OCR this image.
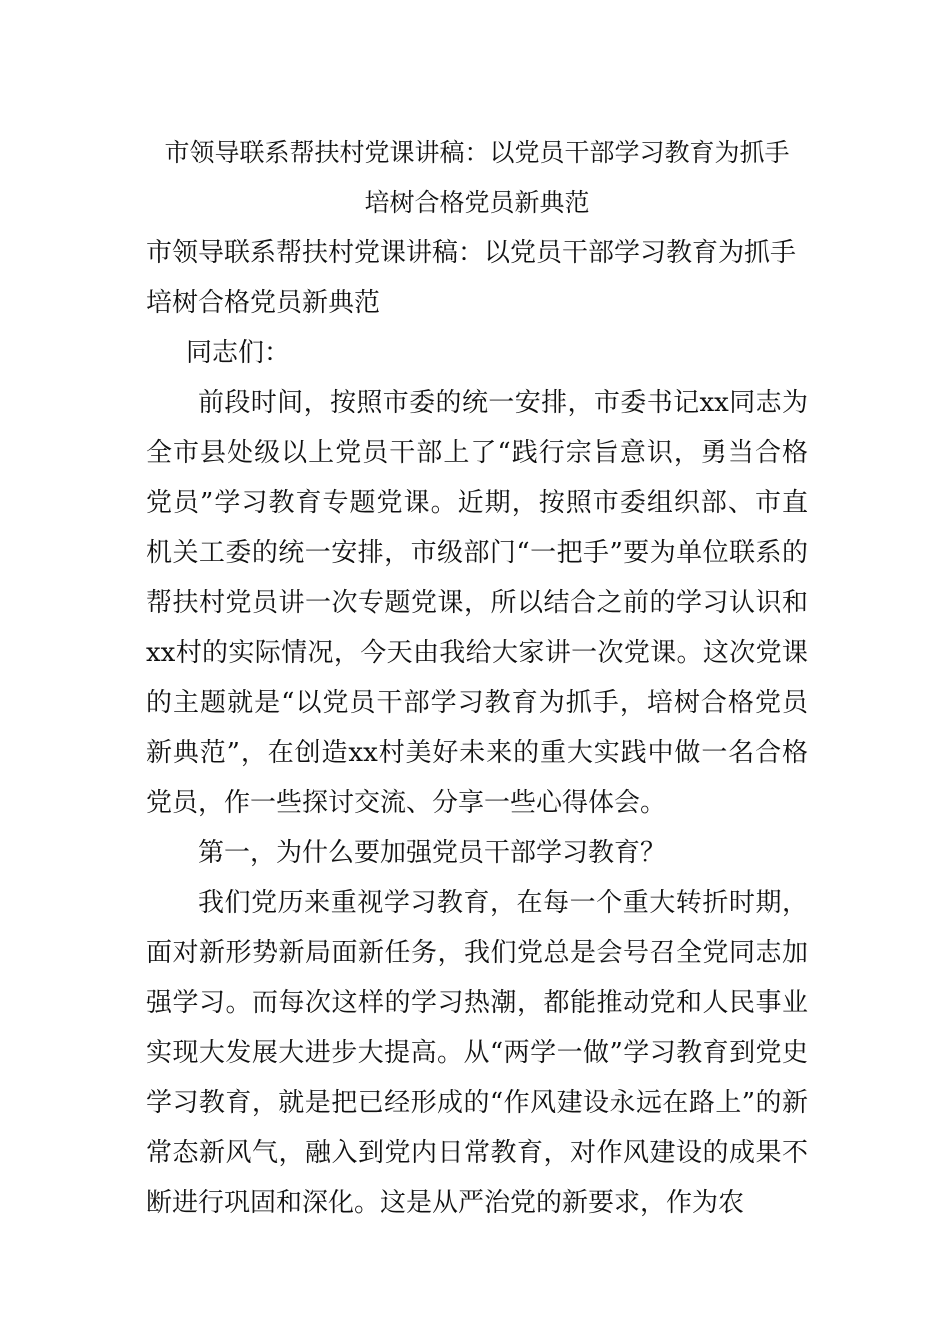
市领导联系帮扶村党课讲稿：以党员干部学习教育为抓手
培树合格党员新典范

市领导联系帮扶村党课讲稿：以党员干部学习教育为抓手
培树合格党员新典范

同志们：

前段时间，按照市委的统一安排，市委书记xx同志为全市县处级以上党员干部上了“践行宗旨意识，勇当合格党员”学习教育专题党课。近期，按照市委组织部、市直机关工委的统一安排，市级部门“一把手”要为单位联系的帮扶村党员讲一次专题党课，所以结合之前的学习认识和xx村的实际情况，今天由我给大家讲一次党课。这次党课的主题就是“以党员干部学习教育为抓手，培树合格党员新典范”，在创造xx村美好未来的重大实践中做一名合格党员，作一些探讨交流、分享一些心得体会。

第一，为什么要加强党员干部学习教育？

我们党历来重视学习教育，在每一个重大转折时期，面对新形势新局面新任务，我们党总是会号召全党同志加强学习。而每次这样的学习热潮，都能推动党和人民事业实现大发展大进步大提高。从“两学一做”学习教育到党史学习教育，就是把已经形成的“作风建设永远在路上”的新常态新风气，融入到党内日常教育，对作风建设的成果不断进行巩固和深化。这是从严治党的新要求，作为农
